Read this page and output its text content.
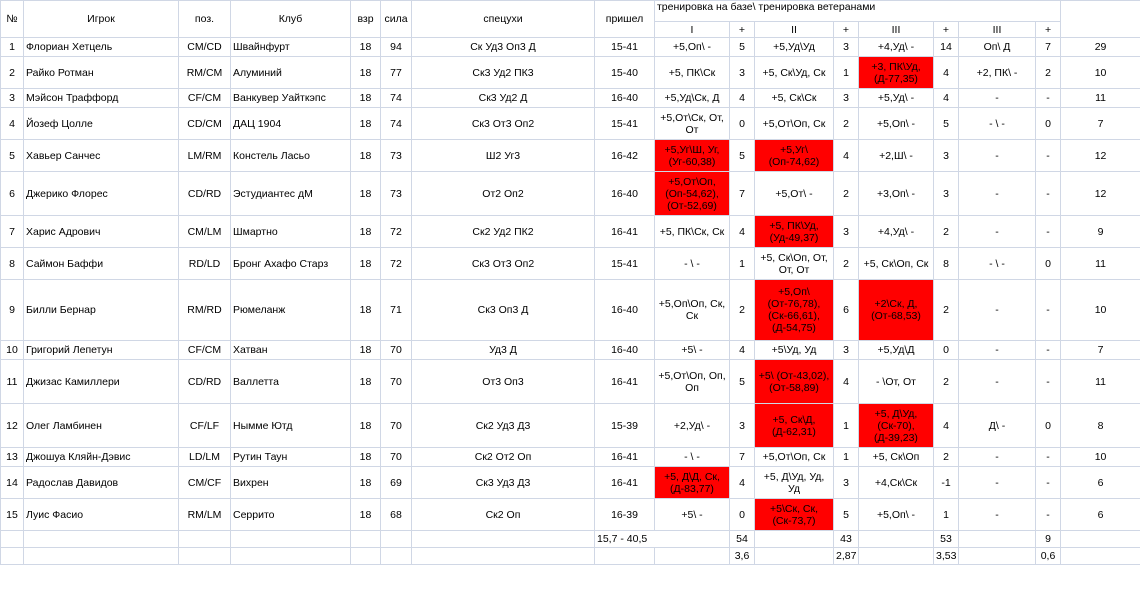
№	Игрок	поз.	Клуб	взр	сила	спецухи	пришел	тренировка на базе\ тренировка ветеранами								
								I	+	II	+	III	+	III	+	
1	Флориан Хетцель	CM/CD	Швайнфурт	18	94	Ск Уд3 Оп3 Д	15-41	+5,Оп\ -	5	+5,Уд\Уд	3	+4,Уд\ -	14	Оп\ Д	7	29
2	Райко Ротман	RM/CM	Алуминий	18	77	Ск3 Уд2 ПК3	15-40	+5, ПК\Ск	3	+5, Ск\Уд, Ск	1	+3, ПК\Уд, (Д-77,35)	4	+2, ПК\ -	2	10
3	Мэйсон Траффорд	CF/CM	Ванкувер Уайткэпс	18	74	Ск3 Уд2 Д	16-40	+5,Уд\Ск, Д	4	+5, Ск\Ск	3	+5,Уд\ -	4	-	-	11
4	Йозеф Цолле	CD/CM	ДАЦ 1904	18	74	Ск3 От3 Оп2	15-41	+5,От\Ск, От, От	0	+5,От\Оп, Ск	2	+5,Оп\ -	5	- \ -	0	7
5	Хавьер Санчес	LM/RM	Констель Ласьо	18	73	Ш2 Уг3	16-42	+5,Уг\Ш, Уг, (Уг-60,38)	5	+5,Уг\ (Оп-74,62)	4	+2,Ш\ -	3	-	-	12
6	Джерико Флорес	CD/RD	Эстудиантес дМ	18	73	От2 Оп2	16-40	+5,От\Оп, (Оп-54,62), (От-52,69)	7	+5,От\ -	2	+3,Оп\ -	3	-	-	12
7	Харис Адрович	CM/LM	Шмартно	18	72	Ск2 Уд2 ПК2	16-41	+5, ПК\Ск, Ск	4	+5, ПК\Уд, (Уд-49,37)	3	+4,Уд\ -	2	-	-	9
8	Саймон Баффи	RD/LD	Бронг Ахафо Старз	18	72	Ск3 От3 Оп2	15-41	- \ -	1	+5, Ск\Оп, От, От, От	2	+5, Ск\Оп, Ск	8	- \ -	0	11
9	Билли Бернар	RM/RD	Рюмеланж	18	71	Ск3 Оп3 Д	16-40	+5,Оп\Оп, Ск, Ск	2	+5,Оп\(От-76,78), (Ск-66,61), (Д-54,75)	6	+2\Ск, Д, (От-68,53)	2	-	-	10
10	Григорий Лепетун	CF/CM	Хатван	18	70	Уд3 Д	16-40	+5\ -	4	+5\Уд, Уд	3	+5,Уд\Д	0	-	-	7
11	Джизас Камиллери	CD/RD	Валлетта	18	70	От3 Оп3	16-41	+5,От\Оп, Оп, Оп	5	+5\ (От-43,02), (От-58,89)	4	- \От, От	2	-	-	11
12	Олег Ламбинен	CF/LF	Нымме Ютд	18	70	Ск2 Уд3 Д3	15-39	+2,Уд\ -	3	+5, Ск\Д, (Д-62,31)	1	+5, Д\Уд, (Ск-70), (Д-39,23)	4	Д\ -	0	8
13	Джошуа Кляйн-Дэвис	LD/LM	Рутин Таун	18	70	Ск2 От2 Оп	16-41	- \ -	7	+5,От\Оп, Ск	1	+5, Ск\Оп	2	-	-	10
14	Радослав Давидов	CM/CF	Вихрен	18	69	Ск3 Уд3 Д3	16-41	+5, Д\Д, Ск, (Д-83,77)	4	+5, Д\Уд, Уд, Уд	3	+4,Ск\Ск	-1	-	-	6
15	Луис Фасио	RM/LM	Серрито	18	68	Ск2 Оп	16-39	+5\ -	0	+5\Ск, Ск, (Ск-73,7)	5	+5,Оп\ -	1	-	-	6
							15,7 - 40,5		54		43		53		9	
									3,6		2,87		3,53		0,6	
